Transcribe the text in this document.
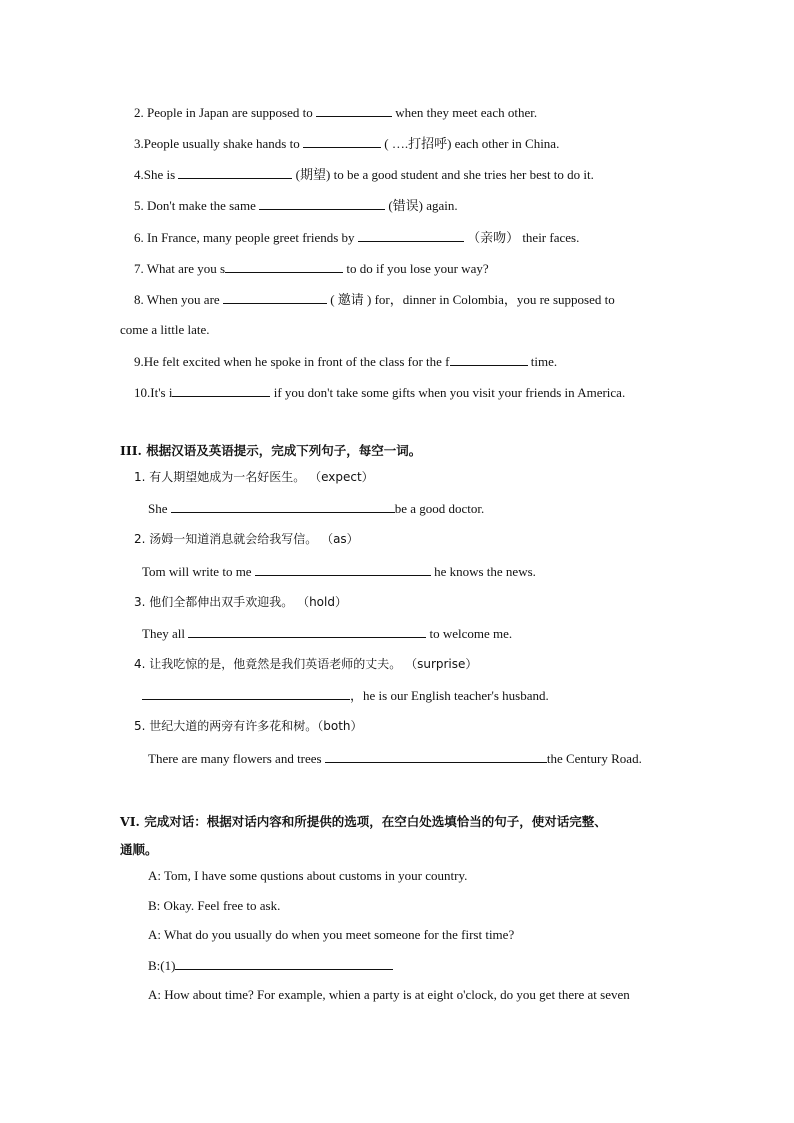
2. People in Japan are supposed to	when they meet each other.
3.People usually shake hands to	( ….打招呼) each other in China.
4.She is	(期望) to be a good student and she tries her best to do it.
5. Don't make the same	(错误) again.
6. In France, many people greet friends by	（亲吻） their faces.
7. What are you s	to do if you lose your way?
8. When you are	( 邀请 ) for，dinner in Colombia，you re supposed to
come a little late.
9.He felt excited when he spoke in front of the class for the f	time.
10.It's i	if you don't take some gifts when you visit your friends in America.
III. 根据汉语及英语提示，完成下列句子，每空一词。
1. 有人期望她成为一名好医生。 （expect）
She	be a good doctor.
2. 汤姆一知道消息就会给我写信。 （as）
Tom will write to me	he knows the news.
3. 他们全都伸出双手欢迎我。 （hold）
They all	to welcome me.
4. 让我吃惊的是，他竟然是我们英语老师的丈夫。 （surprise）
，he is our English teacher's husband.
5. 世纪大道的两旁有许多花和树。（both）
There are many flowers and trees	the Century Road.
VI. 完成对话：根据对话内容和所提供的选项，在空白处选填恰当的句子，使对话完整、
通顺。
A: Tom, I have some qustions about customs in your country.
B: Okay. Feel free to ask.
A: What do you usually do when you meet someone for the first time?
B:(1)
A: How about time? For example, whien a party is at eight o'clock, do you get there at seven
